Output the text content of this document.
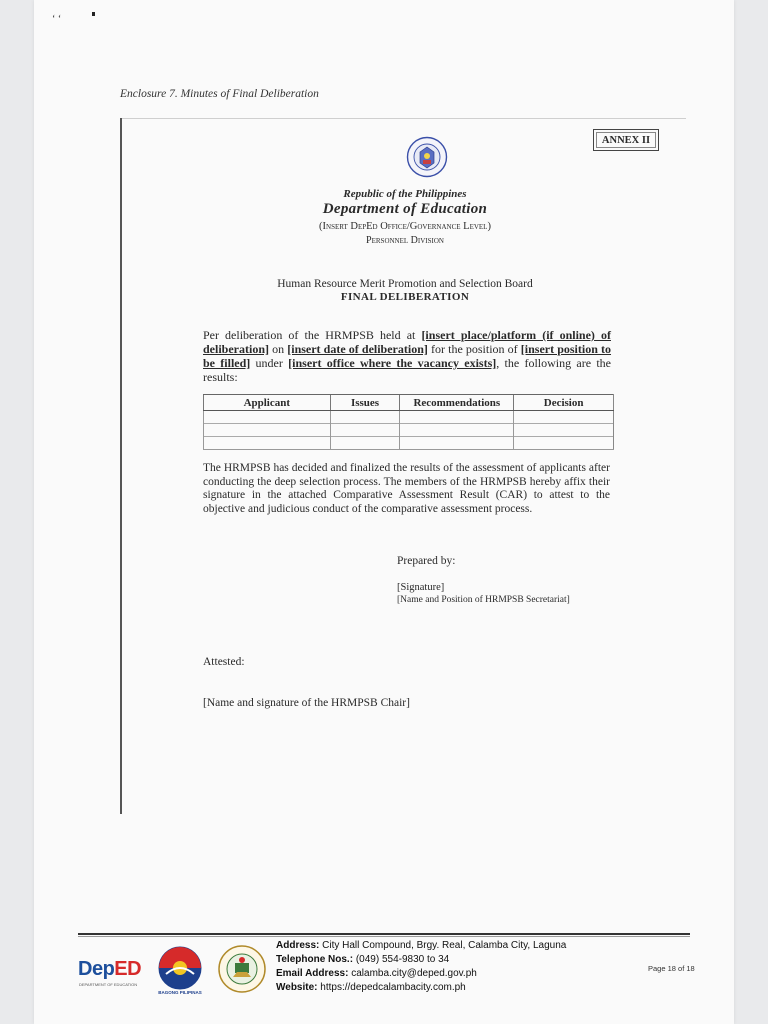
‘ ‘
Enclosure 7. Minutes of Final Deliberation
ANNEX II
Republic of the Philippines
Department of Education
(Insert DepEd Office/Governance Level)
Personnel Division
Human Resource Merit Promotion and Selection Board
FINAL DELIBERATION
Per deliberation of the HRMPSB held at [insert place/platform (if online) of deliberation] on [insert date of deliberation] for the position of [insert position to be filled] under [insert office where the vacancy exists], the following are the results:
Applicant	Issues	Recommendations	Decision

The HRMPSB has decided and finalized the results of the assessment of applicants after conducting the deep selection process. The members of the HRMPSB hereby affix their signature in the attached Comparative Assessment Result (CAR) to attest to the objective and judicious conduct of the comparative assessment process.
Prepared by:
[Signature]
[Name and Position of HRMPSB Secretariat]
Attested:
[Name and signature of the HRMPSB Chair]
DepED
DEPARTMENT OF EDUCATION
BAGONG PILIPINAS
Address: City Hall Compound, Brgy. Real, Calamba City, Laguna
Telephone Nos.: (049) 554-9830 to 34
Email Address: calamba.city@deped.gov.ph
Website: https://depedcalambacity.com.ph
Page 18 of 18
